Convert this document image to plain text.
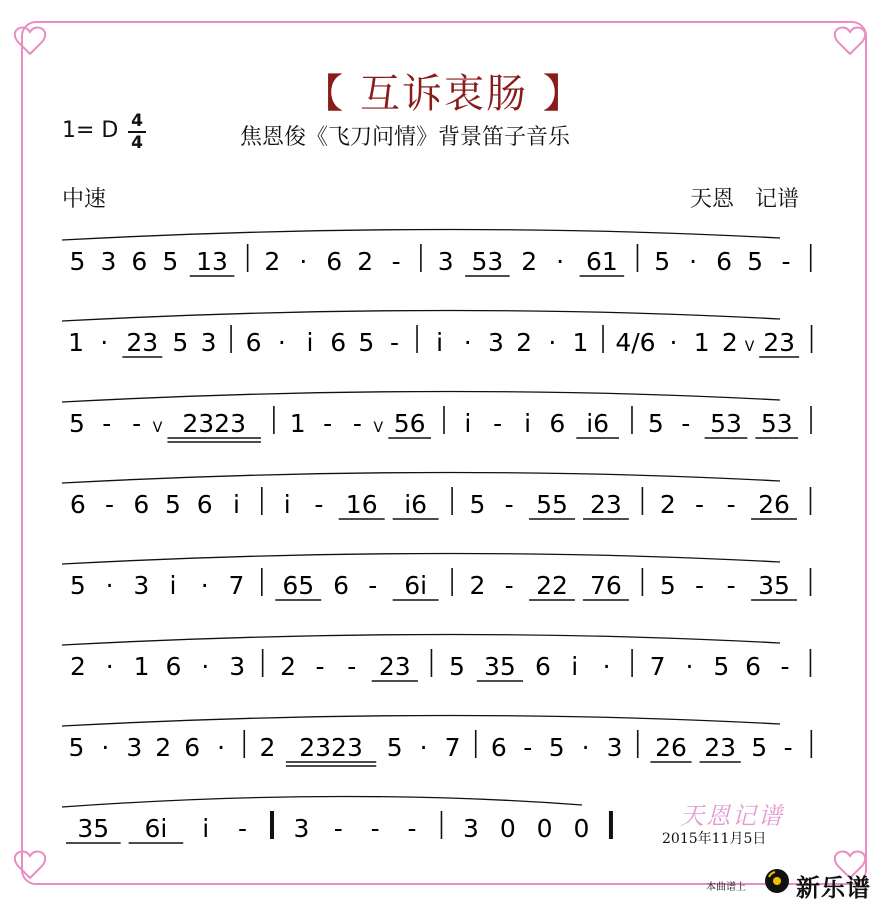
【 互诉衷肠 】
1= D 4
4	焦恩俊《飞刀问情》背景笛子音乐
中速	天恩 记谱
5 3 6 5 13 2 · 6 2 - 3 53 2 · 61 5 · 6 5 -
1 · 23 5 3 6 · i 6 5 - i · 3 2 · 1 4/6 · 1 2 V 23
5 - - V 2323 1 - - V 56 i - i 6 i6 5 - 53 53
6 - 6 5 6 i i - 16 i6 5 - 55 23 2 - - 26
5 · 3 i · 7 65 6 - 6i 2 - 22 76 5 - - 35
2 · 1 6 · 3 2 - - 23 5 35 6 i · 7 · 5 6 -
5 · 3 2 6 · 2 2323 5 · 7 6 - 5 · 3 26 23 5 -
35 6i i - 3 - - - 3 0 0 0	天恩记谱
2015年11月5日
本曲谱上 新乐谱
